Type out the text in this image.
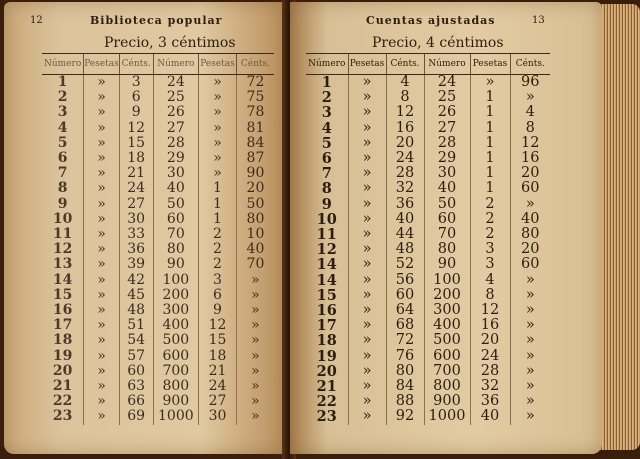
12	Biblioteca popular
Precio, 3 céntimos
Número	Pesetas	Cénts.	Número	Pesetas	Cénts.
1	»	3	24	»	72
2	»	6	25	»	75
3	»	9	26	»	78
4	»	12	27	»	81
5	»	15	28	»	84
6	»	18	29	»	87
7	»	21	30	»	90
8	»	24	40	1	20
9	»	27	50	1	50
10	»	30	60	1	80
11	»	33	70	2	10
12	»	36	80	2	40
13	»	39	90	2	70
14	»	42	100	3	»
15	»	45	200	6	»
16	»	48	300	9	»
17	»	51	400	12	»
18	»	54	500	15	»
19	»	57	600	18	»
20	»	60	700	21	»
21	»	63	800	24	»
22	»	66	900	27	»
23	»	69	1000	30	»
Cuentas ajustadas	13
Precio, 4 céntimos
Número	Pesetas	Cénts.	Número	Pesetas	Cénts.
1	»	4	24	»	96
2	»	8	25	1	»
3	»	12	26	1	4
4	»	16	27	1	8
5	»	20	28	1	12
6	»	24	29	1	16
7	»	28	30	1	20
8	»	32	40	1	60
9	»	36	50	2	»
10	»	40	60	2	40
11	»	44	70	2	80
12	»	48	80	3	20
14	»	52	90	3	60
14	»	56	100	4	»
15	»	60	200	8	»
16	»	64	300	12	»
17	»	68	400	16	»
18	»	72	500	20	»
19	»	76	600	24	»
20	»	80	700	28	»
21	»	84	800	32	»
22	»	88	900	36	»
23	»	92	1000	40	»
